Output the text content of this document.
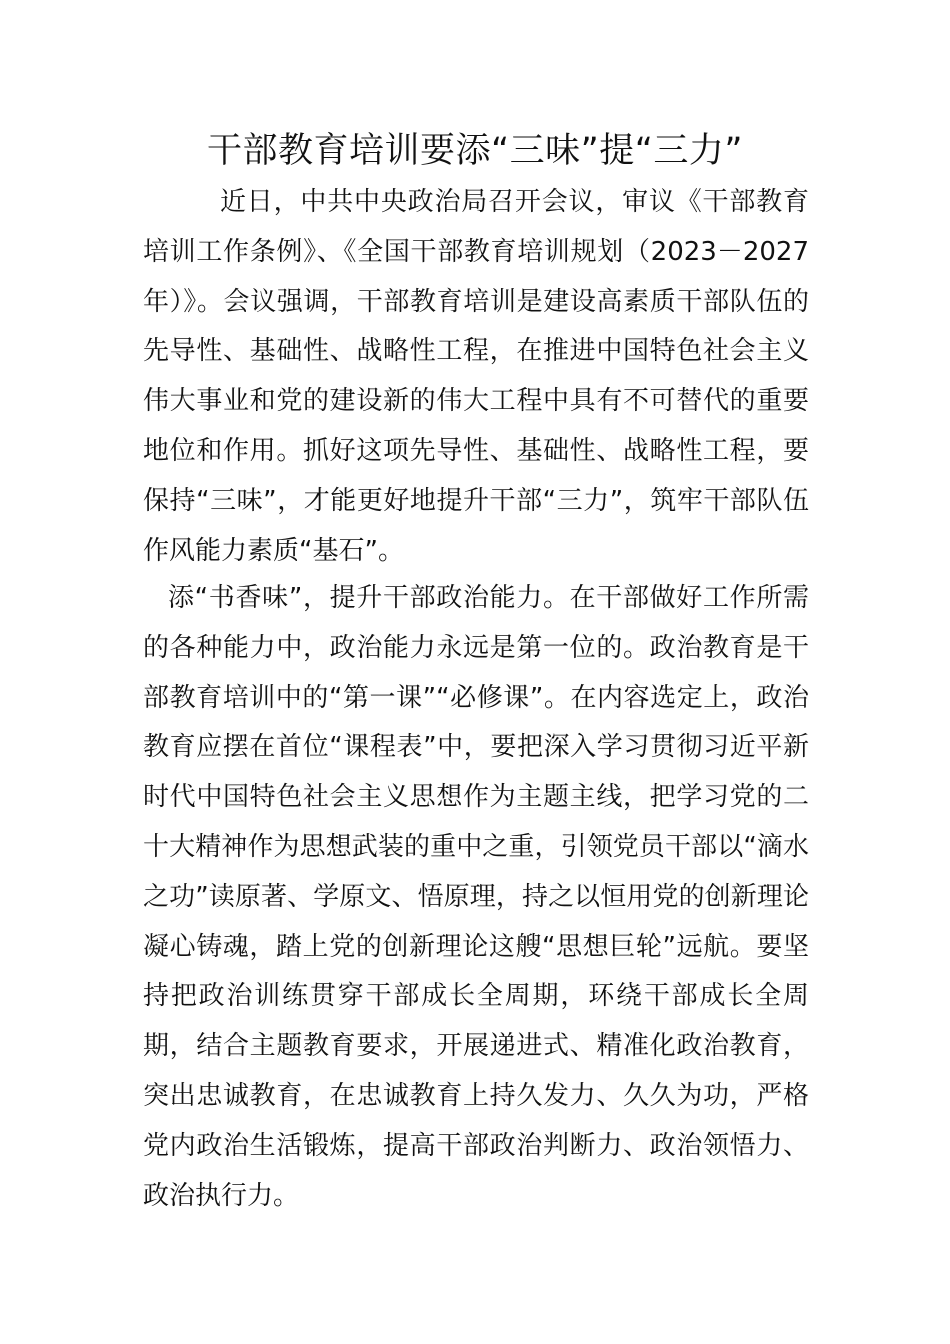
干部教育培训要添“三味”提“三力”

近日，中共中央政治局召开会议，审议《干部教育培训工作条例》、《全国干部教育培训规划（2023－2027年）》。会议强调，干部教育培训是建设高素质干部队伍的先导性、基础性、战略性工程，在推进中国特色社会主义伟大事业和党的建设新的伟大工程中具有不可替代的重要地位和作用。抓好这项先导性、基础性、战略性工程，要保持“三味”，才能更好地提升干部“三力”，筑牢干部队伍作风能力素质“基石”。

添“书香味”，提升干部政治能力。在干部做好工作所需的各种能力中，政治能力永远是第一位的。政治教育是干部教育培训中的“第一课”“必修课”。在内容选定上，政治教育应摆在首位“课程表”中，要把深入学习贯彻习近平新时代中国特色社会主义思想作为主题主线，把学习党的二十大精神作为思想武装的重中之重，引领党员干部以“滴水之功”读原著、学原文、悟原理，持之以恒用党的创新理论凝心铸魂，踏上党的创新理论这艘“思想巨轮”远航。要坚持把政治训练贯穿干部成长全周期，环绕干部成长全周期，结合主题教育要求，开展递进式、精准化政治教育，突出忠诚教育，在忠诚教育上持久发力、久久为功，严格党内政治生活锻炼，提高干部政治判断力、政治领悟力、政治执行力。
